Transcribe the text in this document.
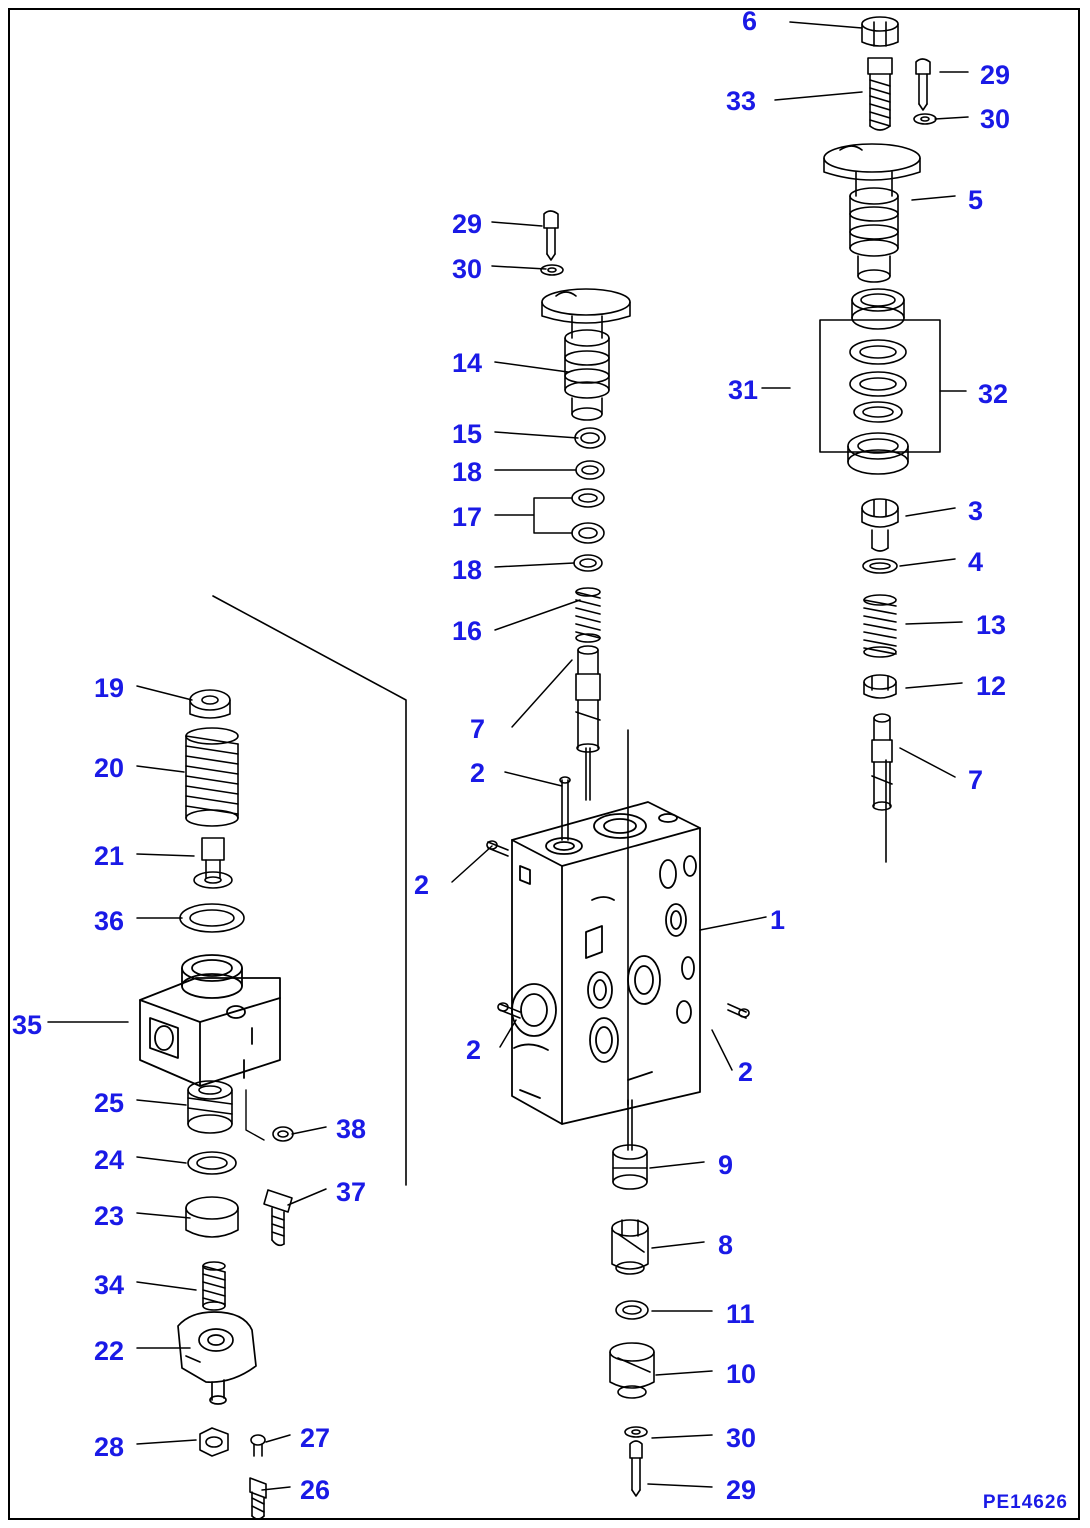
6
29
33
30
5
29
30
14
31	32
15
18
17	3
18	4
16	13
12
19
7
7
20	2
21
2
36	1
35
2
2
25
38
24
37
9
23
8
34
11
22
10
28	27	30
26	29	PE14626
